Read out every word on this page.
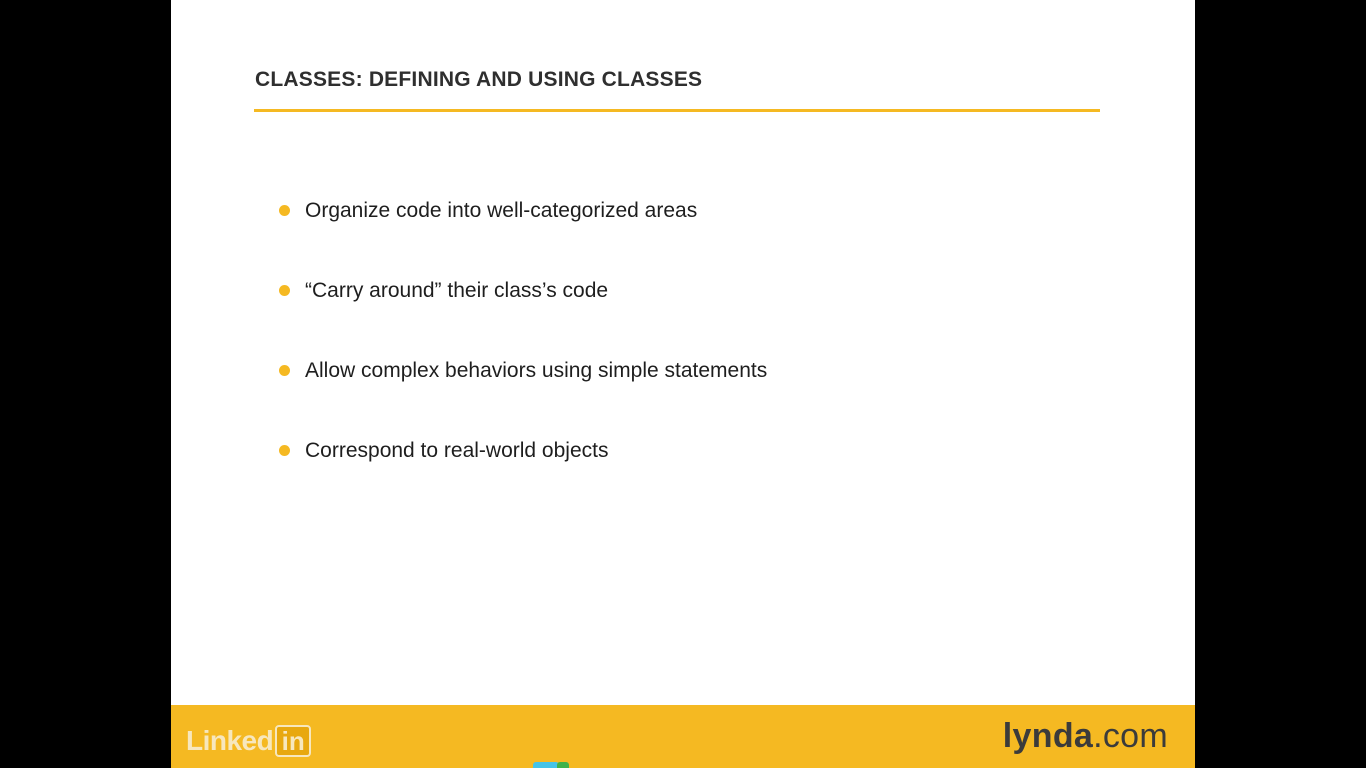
CLASSES: DEFINING AND USING CLASSES
Organize code into well-categorized areas
“Carry around” their class’s code
Allow complex behaviors using simple statements
Correspond to real-world objects
Linked in	lynda.com
